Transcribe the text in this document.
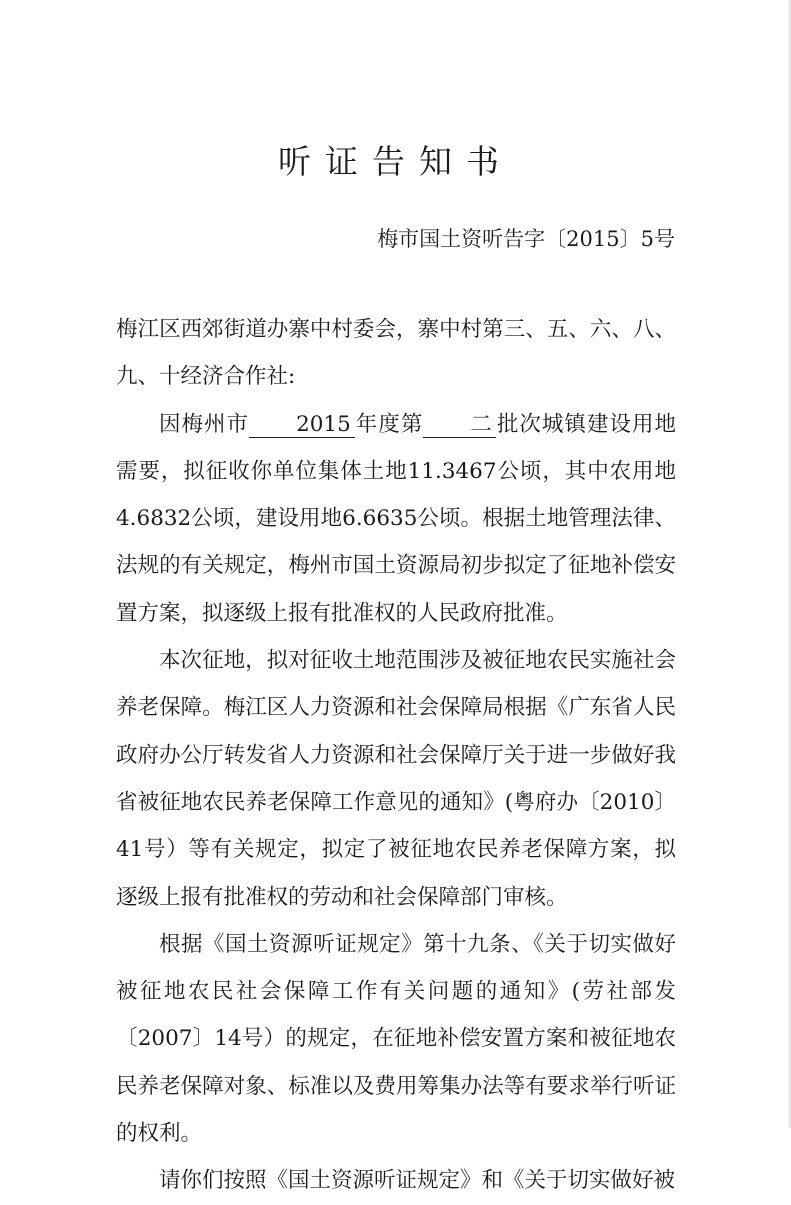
听证告知书
梅市国土资听告字〔2015〕5号

梅江区西郊街道办寨中村委会，寨中村第三、五、六、八、九、十经济合作社:

因梅州市 2015 年度第 二 批次城镇建设用地需要，拟征收你单位集体土地11.3467公顷，其中农用地4.6832公顷，建设用地6.6635公顷。根据土地管理法律、法规的有关规定，梅州市国土资源局初步拟定了征地补偿安置方案，拟逐级上报有批准权的人民政府批准。

本次征地，拟对征收土地范围涉及被征地农民实施社会养老保障。梅江区人力资源和社会保障局根据《广东省人民政府办公厅转发省人力资源和社会保障厅关于进一步做好我省被征地农民养老保障工作意见的通知》(粤府办〔2010〕41号）等有关规定，拟定了被征地农民养老保障方案，拟逐级上报有批准权的劳动和社会保障部门审核。

根据《国土资源听证规定》第十九条、《关于切实做好被征地农民社会保障工作有关问题的通知》(劳社部发〔2007〕14号）的规定，在征地补偿安置方案和被征地农民养老保障对象、标准以及费用筹集办法等有要求举行听证的权利。

请你们按照《国土资源听证规定》和《关于切实做好被
